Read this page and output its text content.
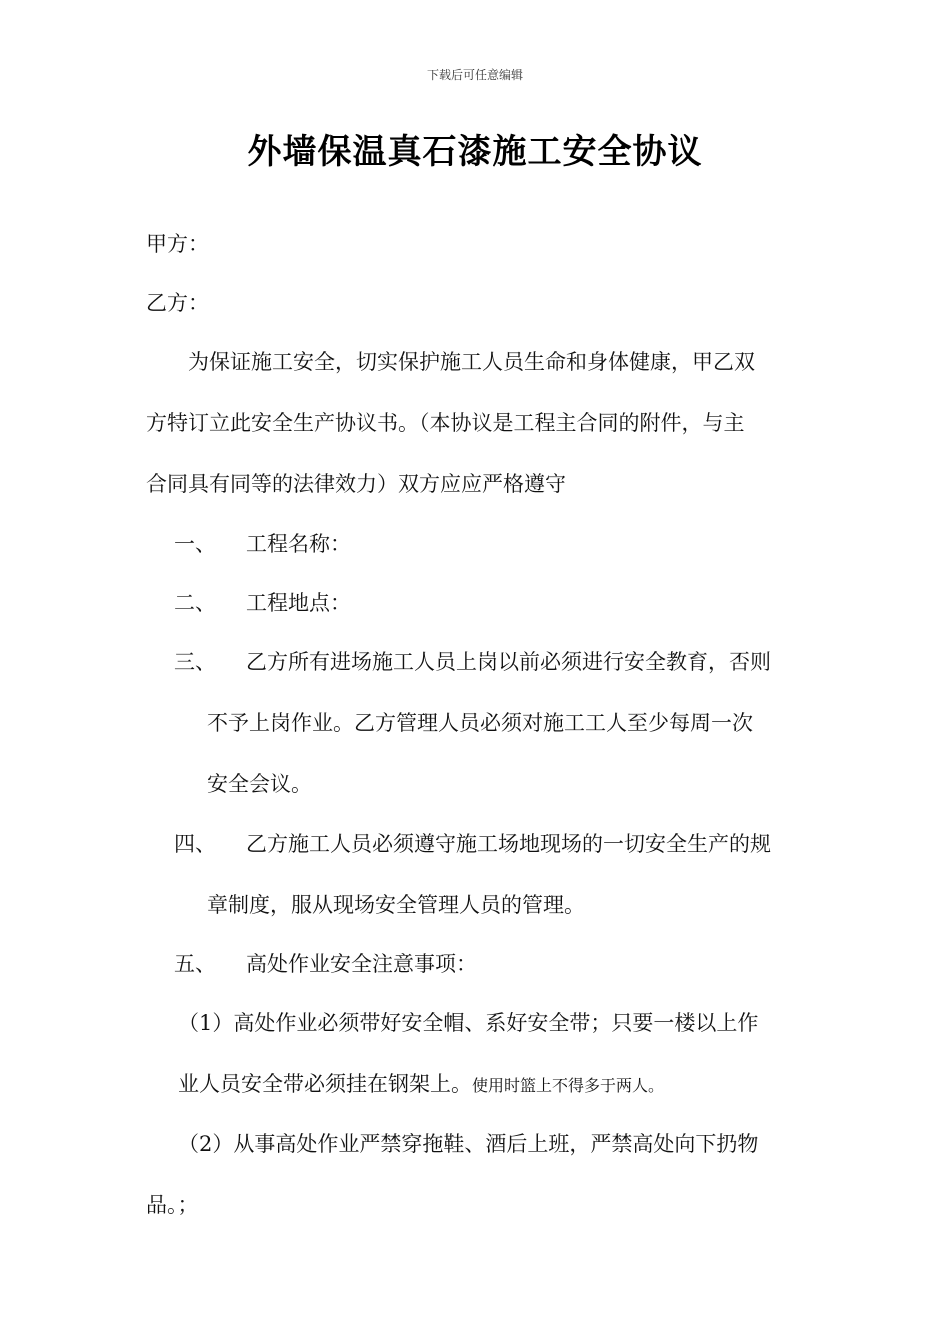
下载后可任意编辑
外墙保温真石漆施工安全协议
甲方：
乙方：
为保证施工安全，切实保护施工人员生命和身体健康，甲乙双
方特订立此安全生产协议书。（本协议是工程主合同的附件，与主
合同具有同等的法律效力）双方应应严格遵守
一、 工程名称：
二、 工程地点：
三、 乙方所有进场施工人员上岗以前必须进行安全教育，否则
不予上岗作业。乙方管理人员必须对施工工人至少每周一次
安全会议。
四、 乙方施工人员必须遵守施工场地现场的一切安全生产的规
章制度，服从现场安全管理人员的管理。
五、 高处作业安全注意事项：
（1）高处作业必须带好安全帽、系好安全带；只要一楼以上作
业人员安全带必须挂在钢架上。使用时篮上不得多于两人。
（2）从事高处作业严禁穿拖鞋、酒后上班，严禁高处向下扔物
品。；
